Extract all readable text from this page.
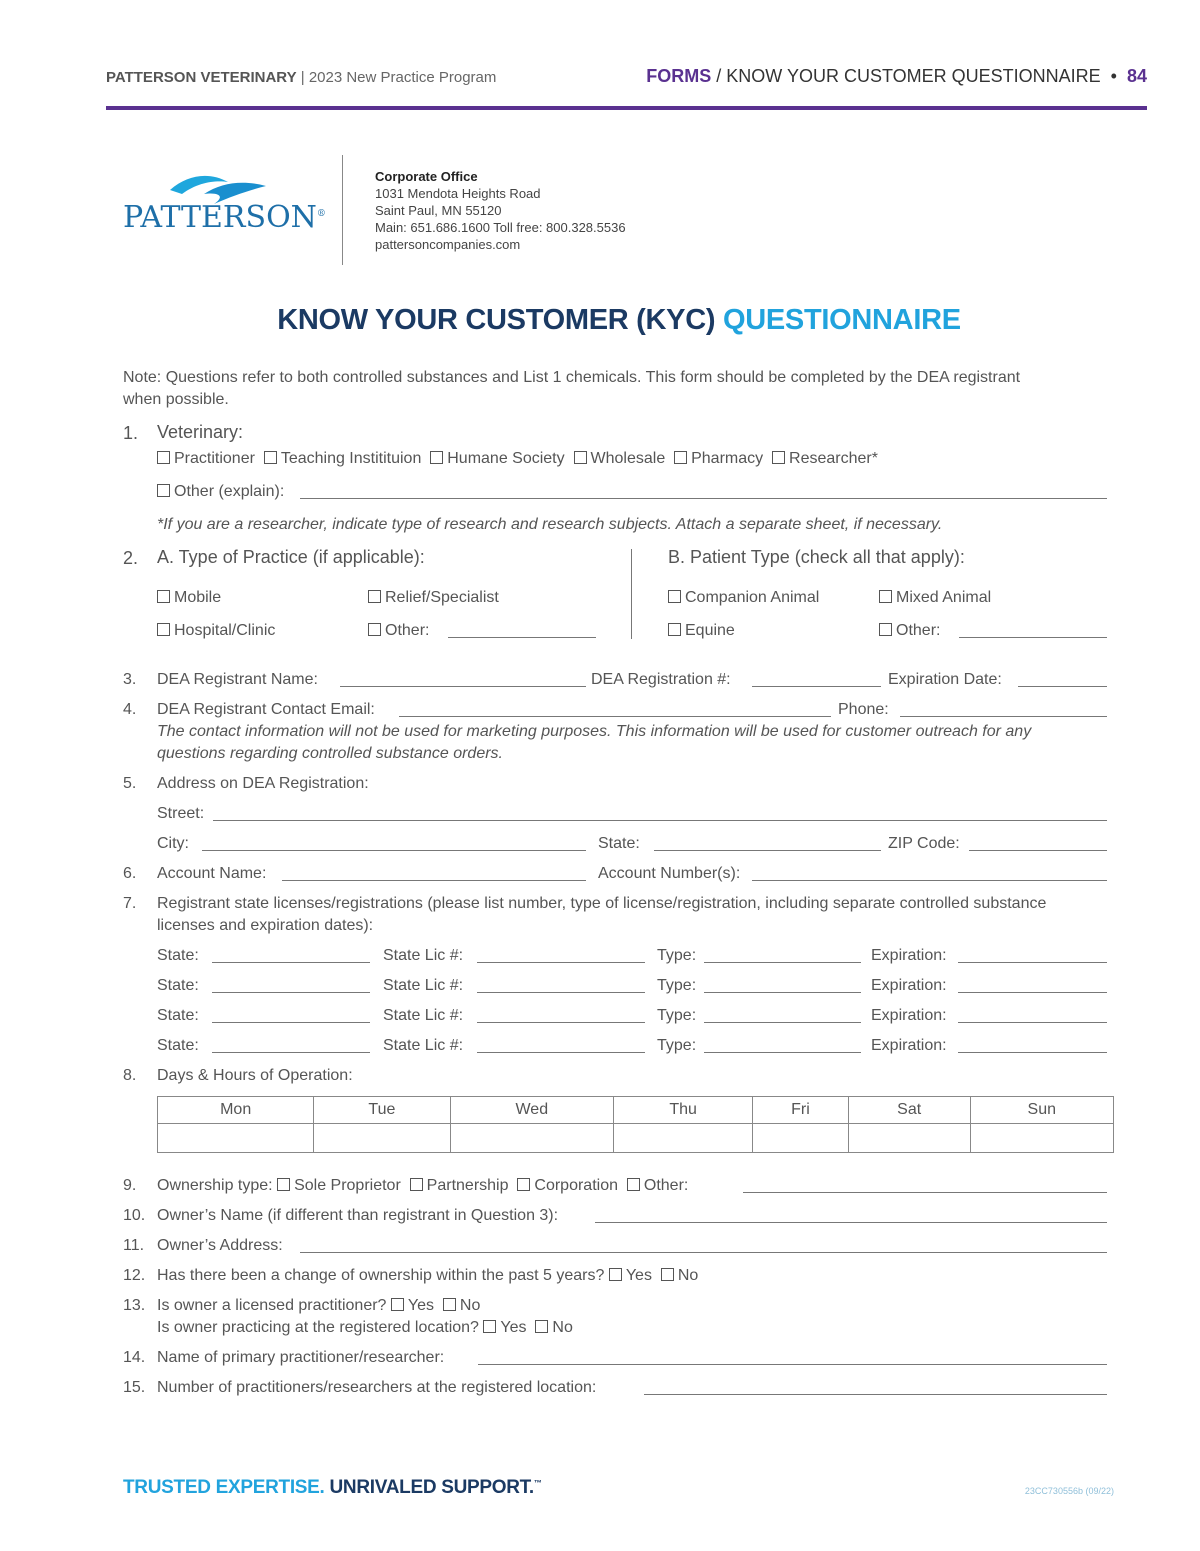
PATTERSON VETERINARY | 2023 New Practice Program	FORMS / KNOW YOUR CUSTOMER QUESTIONNAIRE  •  84
PATTERSON®
Corporate Office
1031 Mendota Heights Road
Saint Paul, MN 55120
Main: 651.686.1600 Toll free: 800.328.5536
pattersoncompanies.com
KNOW YOUR CUSTOMER (KYC) QUESTIONNAIRE
Note: Questions refer to both controlled substances and List 1 chemicals. This form should be completed by the DEA registrant
when possible.
1. Veterinary:
Practitioner Teaching Institituion Humane Society Wholesale Pharmacy Researcher*
Other (explain):
*If you are a researcher, indicate type of research and research subjects. Attach a separate sheet, if necessary.
2. A. Type of Practice (if applicable):	B. Patient Type (check all that apply):
Mobile	Relief/Specialist
Hospital/Clinic	Other:
Companion Animal	Mixed Animal
Equine	Other:
3. DEA Registrant Name:	DEA Registration #:	Expiration Date:
4. DEA Registrant Contact Email:	Phone:
The contact information will not be used for marketing purposes. This information will be used for customer outreach for any
questions regarding controlled substance orders.
5. Address on DEA Registration:
Street:
City:	State:	ZIP Code:
6. Account Name:	Account Number(s):
7. Registrant state licenses/registrations (please list number, type of license/registration, including separate controlled substance
licenses and expiration dates):
State:	State Lic #:	Type:	Expiration:
State:	State Lic #:	Type:	Expiration:
State:	State Lic #:	Type:	Expiration:
State:	State Lic #:	Type:	Expiration:
8. Days & Hours of Operation:
Mon	Tue	Wed	Thu	Fri	Sat	Sun

9. Ownership type: Sole Proprietor Partnership Corporation Other:
10. Owner’s Name (if different than registrant in Question 3):
11. Owner’s Address:
12. Has there been a change of ownership within the past 5 years? Yes No
13. Is owner a licensed practitioner? Yes No
Is owner practicing at the registered location? Yes No
14. Name of primary practitioner/researcher:
15. Number of practitioners/researchers at the registered location:
TRUSTED EXPERTISE. UNRIVALED SUPPORT.™
23CC730556b (09/22)
